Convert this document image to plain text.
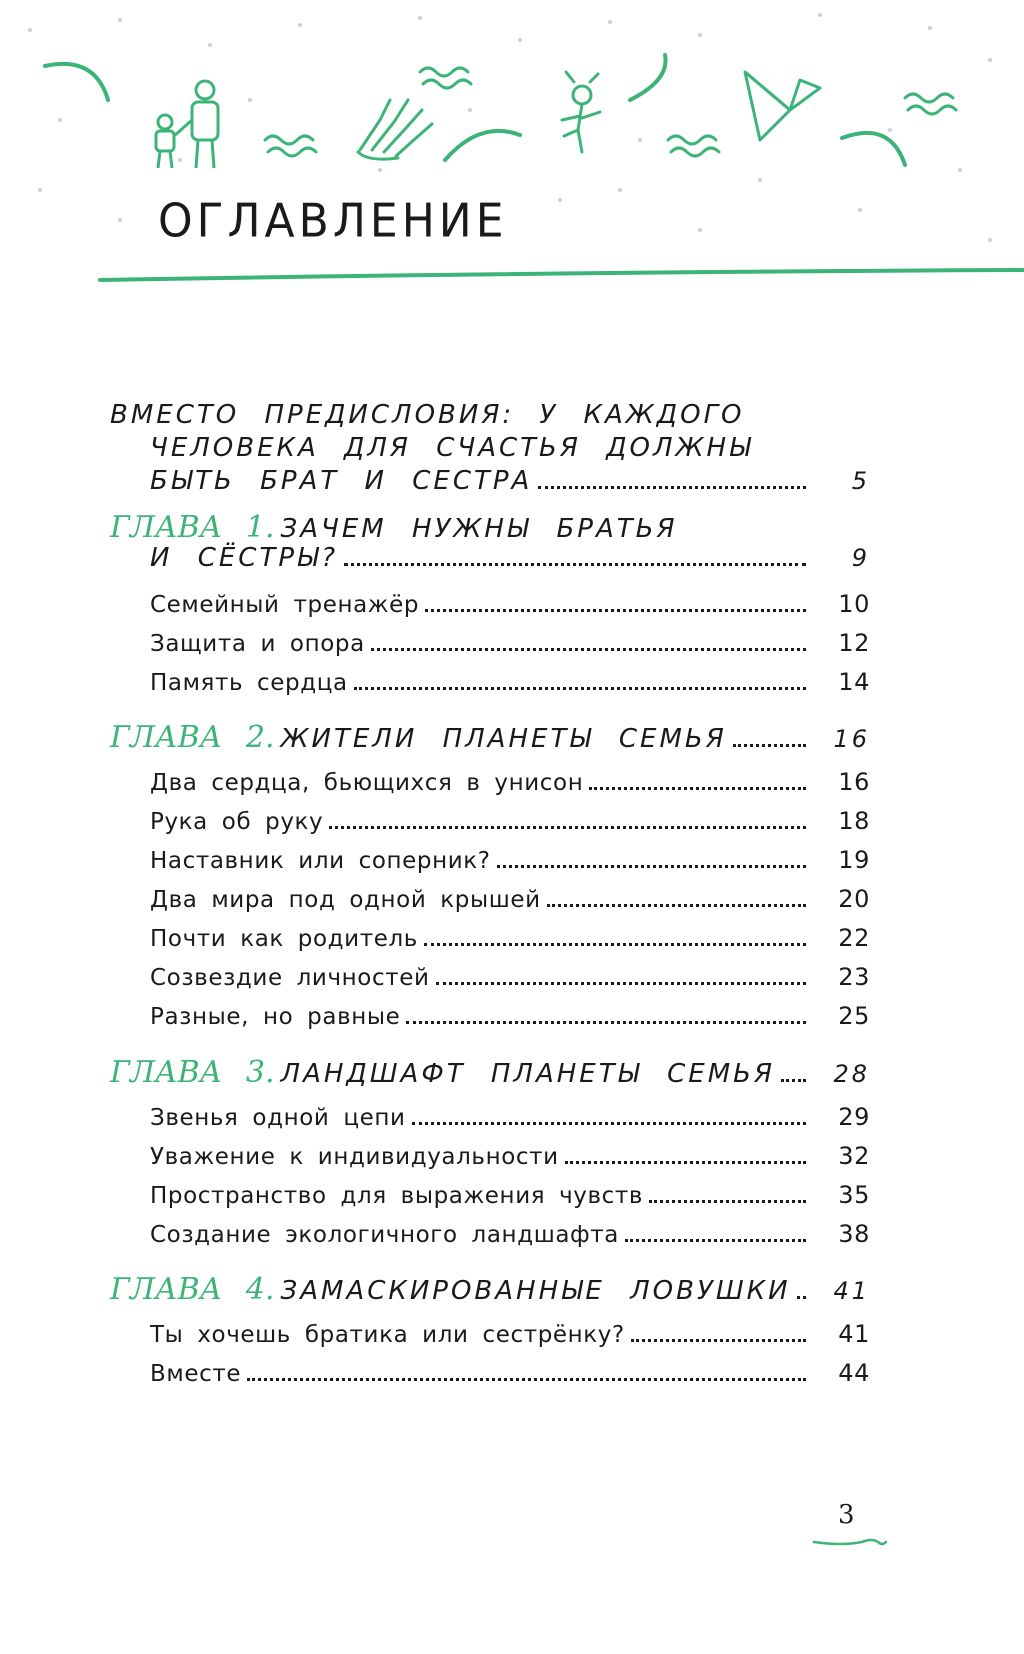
ОГЛАВЛЕНИЕ
ВМЕСТО ПРЕДИСЛОВИЯ: У КАЖДОГО
ЧЕЛОВЕКА ДЛЯ СЧАСТЬЯ ДОЛЖНЫ
БЫТЬ БРАТ И СЕСТРА	5
ГЛАВА 1. ЗАЧЕМ НУЖНЫ БРАТЬЯ
И СЁСТРЫ?	9
Семейный тренажёр	10
Защита и опора	12
Память сердца	14
ГЛАВА 2. ЖИТЕЛИ ПЛАНЕТЫ СЕМЬЯ	16
Два сердца, бьющихся в унисон	16
Рука об руку	18
Наставник или соперник?	19
Два мира под одной крышей	20
Почти как родитель	22
Созвездие личностей	23
Разные, но равные	25
ГЛАВА 3. ЛАНДШАФТ ПЛАНЕТЫ СЕМЬЯ	28
Звенья одной цепи	29
Уважение к индивидуальности	32
Пространство для выражения чувств	35
Создание экологичного ландшафта	38
ГЛАВА 4. ЗАМАСКИРОВАННЫЕ ЛОВУШКИ	41
Ты хочешь братика или сестрёнку?	41
Вместе	44
3
